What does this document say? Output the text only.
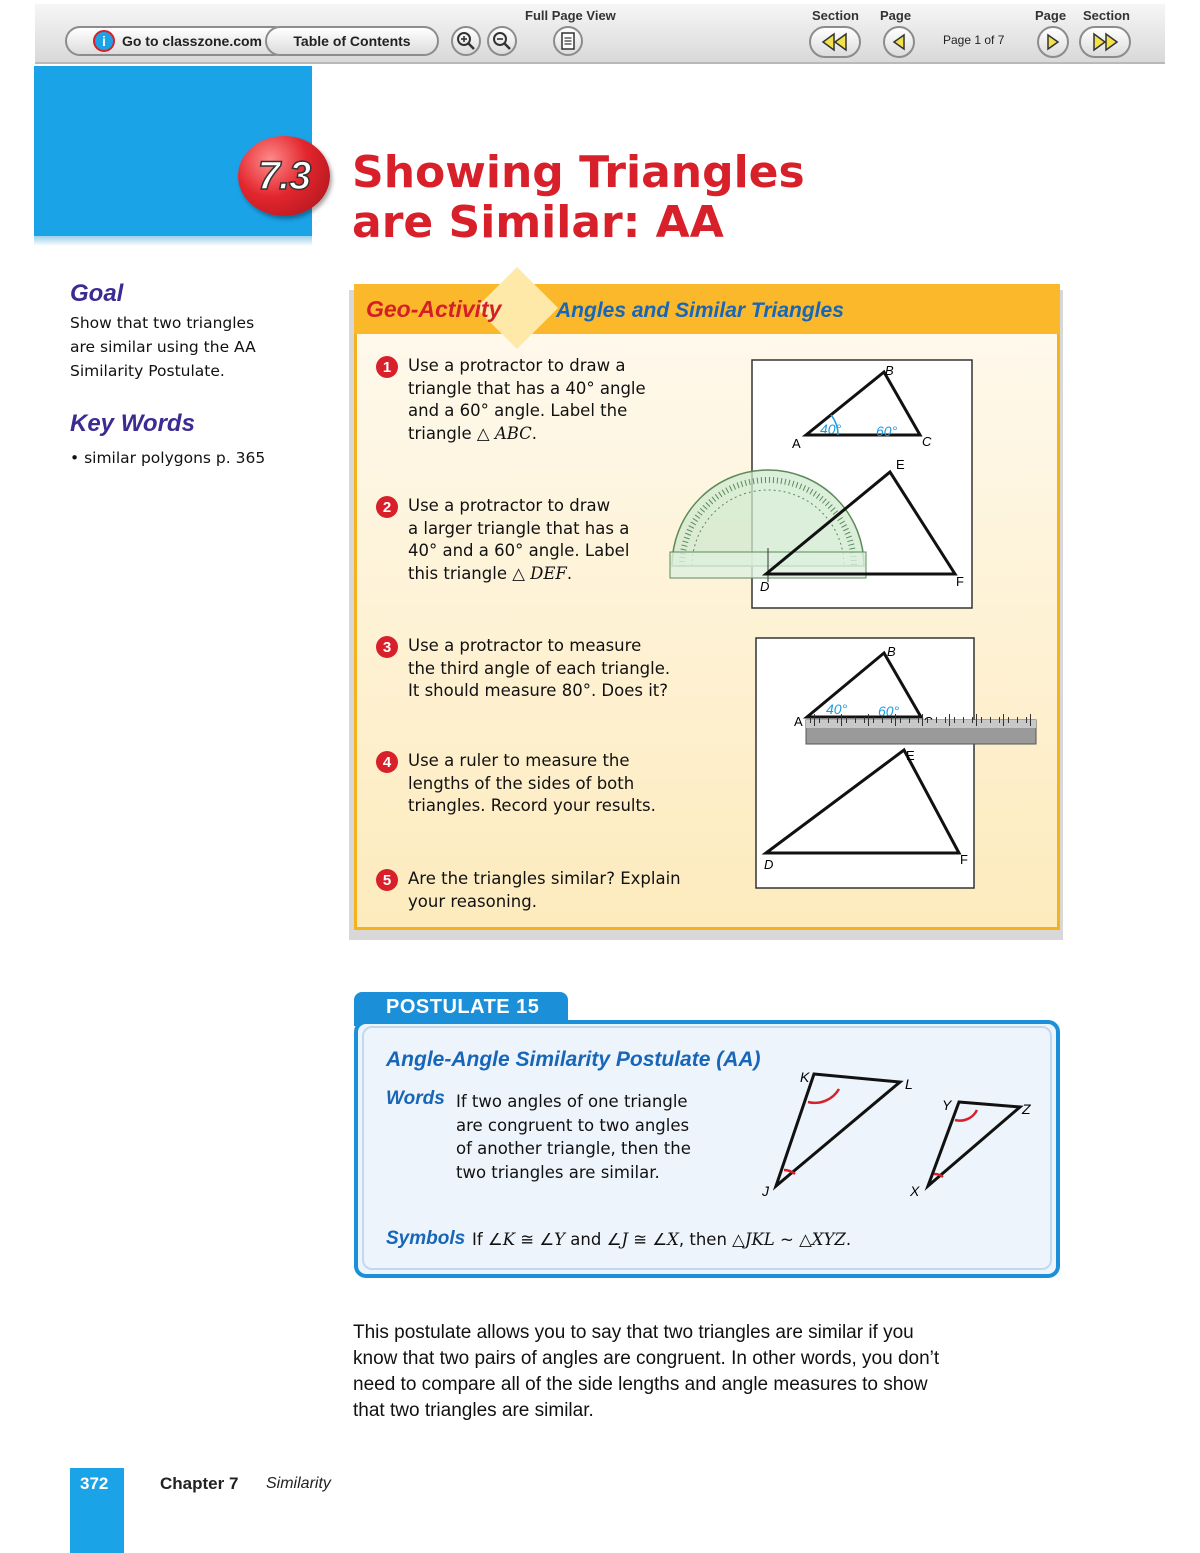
i Go to classzone.com Table of Contents
Full Page View	Section Page
Page 1 of 7
Page Section
7.3 Showing Triangles
are Similar: AA
Goal
Show that two triangles
are similar using the AA
Similarity Postulate.
Key Words
• similar polygons p. 365
Geo-Activity	Angles and Similar Triangles
1	Use a protractor to draw a
triangle that has a 40° angle
and a 60° angle. Label the
triangle △ ABC.
2	Use a protractor to draw
a larger triangle that has a
40° and a 60° angle. Label
this triangle △ DEF.
3	Use a protractor to measure
the third angle of each triangle.
It should measure 80°. Does it?
4	Use a ruler to measure the
lengths of the sides of both
triangles. Record your results.
5	Are the triangles similar? Explain
your reasoning.
40° 60°
A
B
C
D
E
F
40° 60°
A
B
D
E
F
POSTULATE 15
Angle-Angle Similarity Postulate (AA)
Words If two angles of one triangle
are congruent to two angles
of another triangle, then the
two triangles are similar.
Symbols If ∠K ≅ ∠Y and ∠J ≅ ∠X, then △JKL ~ △XYZ.
K	L
J
Y	Z
X
This postulate allows you to say that two triangles are similar if you
know that two pairs of angles are congruent. In other words, you don’t
need to compare all of the side lengths and angle measures to show
that two triangles are similar.
372	Chapter 7 Similarity
